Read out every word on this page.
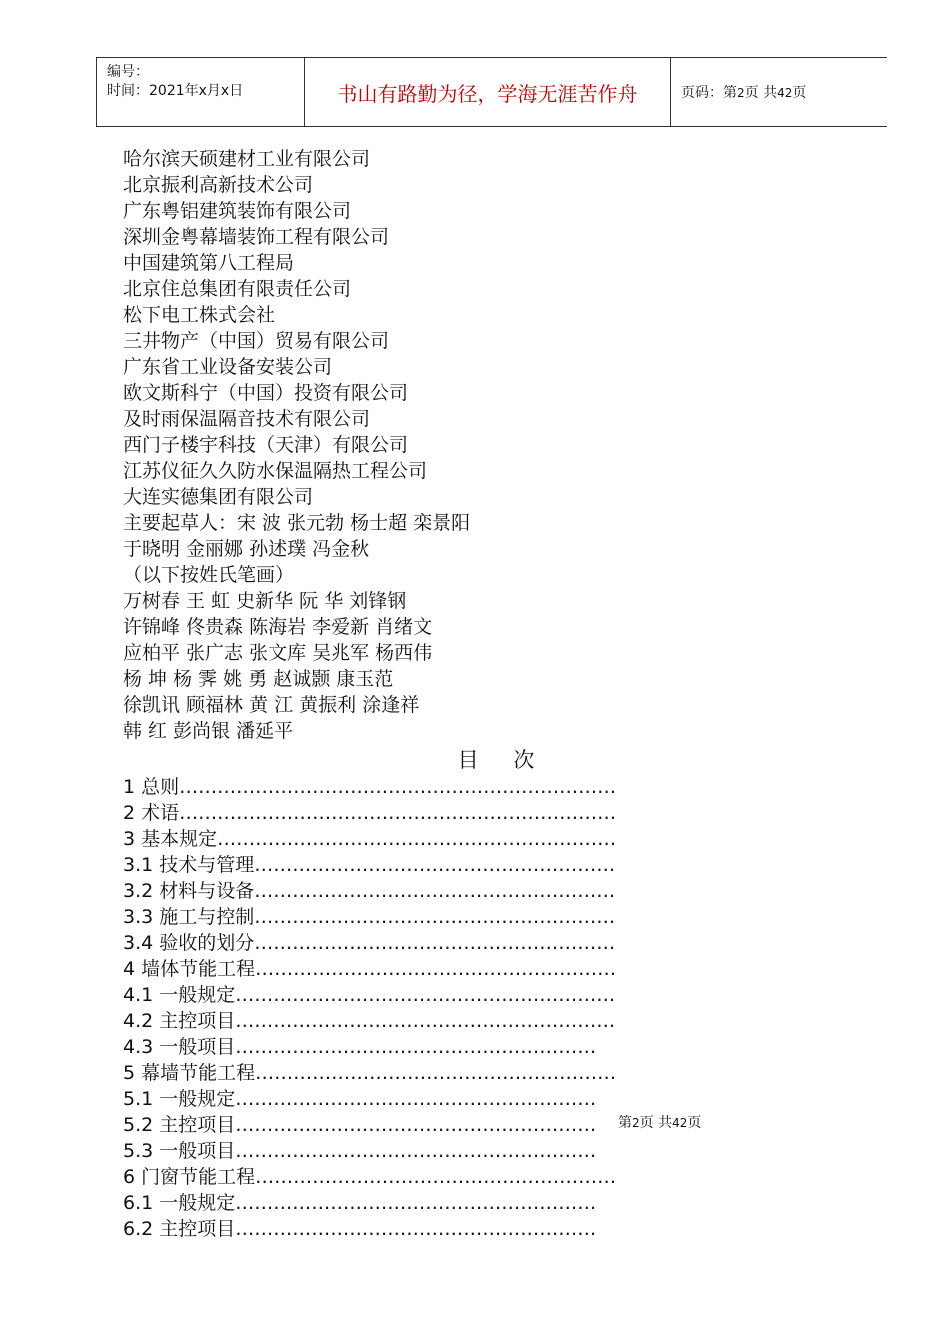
编号：
时间：2021年x月x日	书山有路勤为径，学海无涯苦作舟	页码：第2页 共42页
哈尔滨天硕建材工业有限公司
北京振利高新技术公司
广东粤铝建筑装饰有限公司
深圳金粤幕墙装饰工程有限公司
中国建筑第八工程局
北京住总集团有限责任公司
松下电工株式会社
三井物产（中国）贸易有限公司
广东省工业设备安装公司
欧文斯科宁（中国）投资有限公司
及时雨保温隔音技术有限公司
西门子楼宇科技（天津）有限公司
江苏仪征久久防水保温隔热工程公司
大连实德集团有限公司
主要起草人：宋 波 张元勃 杨士超 栾景阳
于晓明 金丽娜 孙述璞 冯金秋
（以下按姓氏笔画）
万树春 王 虹 史新华 阮 华 刘锋钢
许锦峰 佟贵森 陈海岩 李爱新 肖绪文
应柏平 张广志 张文库 吴兆军 杨西伟
杨 坤 杨 霁 姚 勇 赵诚颢 康玉范
徐凯讯 顾福林 黄 江 黄振利 涂逢祥
韩 红 彭尚银 潘延平
目 次
1 总则……………………………………………………………
2 术语……………………………………………………………
3 基本规定………………………………………………………
3.1 技术与管理…………………………………………………
3.2 材料与设备…………………………………………………
3.3 施工与控制…………………………………………………
3.4 验收的划分…………………………………………………
4 墙体节能工程…………………………………………………
4.1 一般规定……………………………………………………
4.2 主控项目……………………………………………………
4.3 一般项目…………………………………………………
5 幕墙节能工程…………………………………………………
5.1 一般规定…………………………………………………
5.2 主控项目…………………………………………………
5.3 一般项目…………………………………………………
6 门窗节能工程…………………………………………………
6.1 一般规定…………………………………………………
6.2 主控项目…………………………………………………
第2页 共42页
